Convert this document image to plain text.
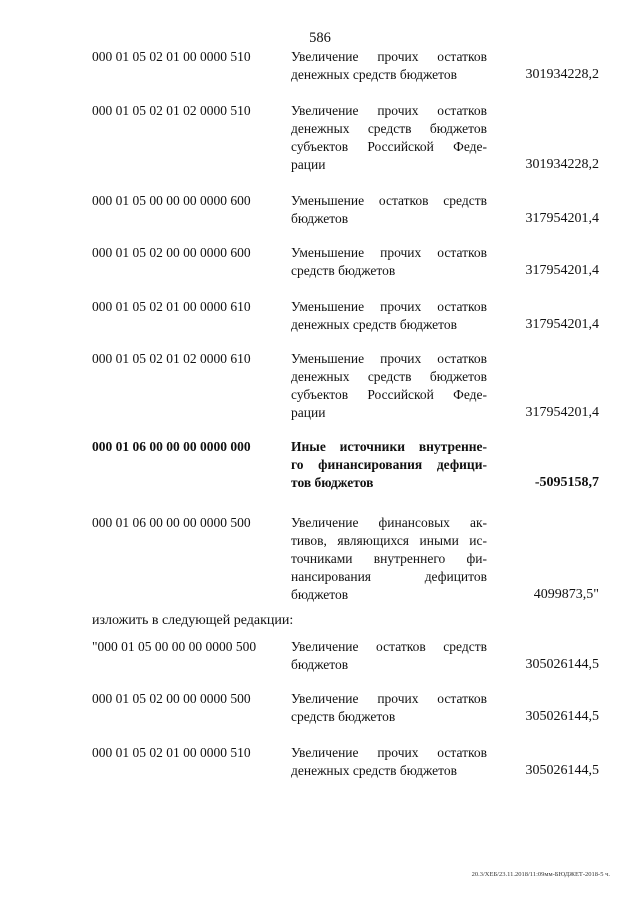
586
000 01 05 02 01 00 0000 510	Увеличение прочих остатков
денежных средств бюджетов	301934228,2
000 01 05 02 01 02 0000 510	Увеличение прочих остатков
денежных средств бюджетов
субъектов Российской Феде-
рации	301934228,2
000 01 05 00 00 00 0000 600	Уменьшение остатков средств
бюджетов	317954201,4
000 01 05 02 00 00 0000 600	Уменьшение прочих остатков
средств бюджетов	317954201,4
000 01 05 02 01 00 0000 610	Уменьшение прочих остатков
денежных средств бюджетов	317954201,4
000 01 05 02 01 02 0000 610	Уменьшение прочих остатков
денежных средств бюджетов
субъектов Российской Феде-
рации	317954201,4
000 01 06 00 00 00 0000 000	Иные источники внутренне-
го финансирования дефици-
тов бюджетов	-5095158,7
000 01 06 00 00 00 0000 500	Увеличение финансовых ак-
тивов, являющихся иными ис-
точниками внутреннего фи-
нансирования дефицитов
бюджетов	4099873,5"
изложить в следующей редакции:
"000 01 05 00 00 00 0000 500	Увеличение остатков средств
бюджетов	305026144,5
000 01 05 02 00 00 0000 500	Увеличение прочих остатков
средств бюджетов	305026144,5
000 01 05 02 01 00 0000 510	Увеличение прочих остатков
денежных средств бюджетов	305026144,5
20.3/ХЕБ/23.11.2018/11:09мм-БЮДЖЕТ-2018-5 ч.
